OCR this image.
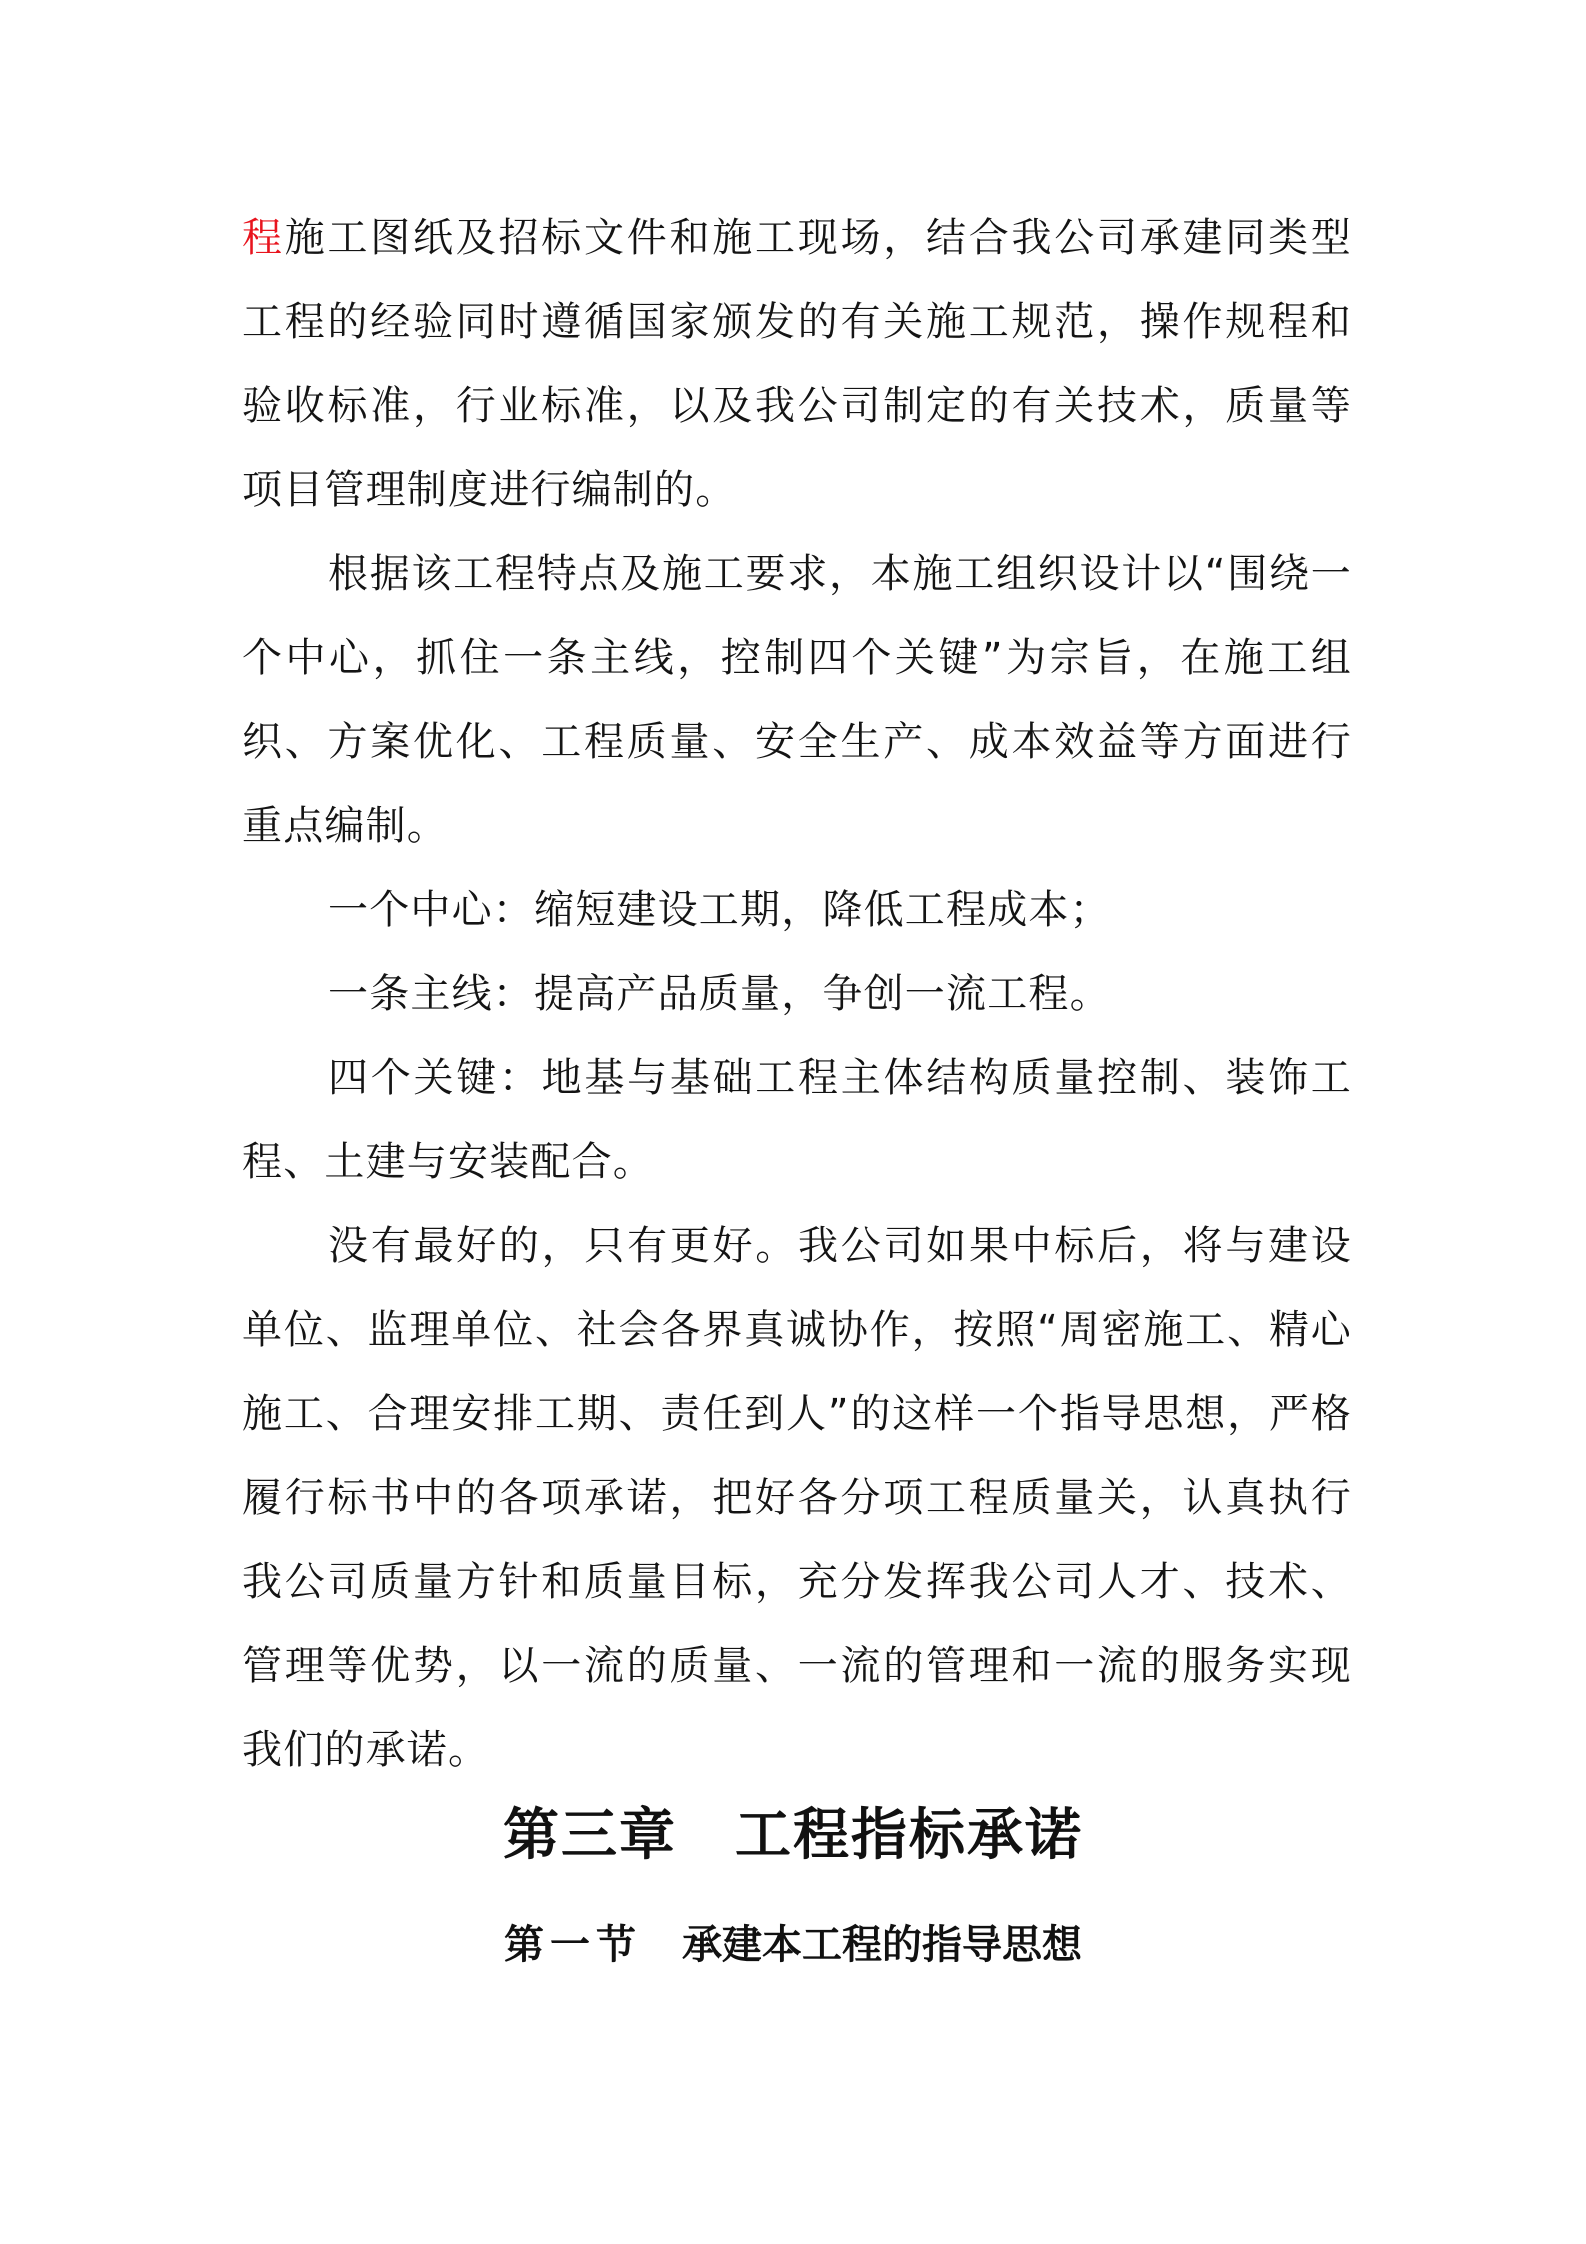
程施工图纸及招标文件和施工现场，结合我公司承建同类型工程的经验同时遵循国家颁发的有关施工规范，操作规程和验收标准，行业标准，以及我公司制定的有关技术，质量等项目管理制度进行编制的。

根据该工程特点及施工要求，本施工组织设计以“围绕一个中心，抓住一条主线，控制四个关键”为宗旨，在施工组织、方案优化、工程质量、安全生产、成本效益等方面进行重点编制。

一个中心：缩短建设工期，降低工程成本；

一条主线：提高产品质量，争创一流工程。

四个关键：地基与基础工程主体结构质量控制、装饰工程、土建与安装配合。

没有最好的，只有更好。我公司如果中标后，将与建设单位、监理单位、社会各界真诚协作，按照“周密施工、精心施工、合理安排工期、责任到人”的这样一个指导思想，严格履行标书中的各项承诺，把好各分项工程质量关，认真执行我公司质量方针和质量目标，充分发挥我公司人才、技术、管理等优势，以一流的质量、一流的管理和一流的服务实现我们的承诺。

第三章 工程指标承诺
第一节 承建本工程的指导思想
